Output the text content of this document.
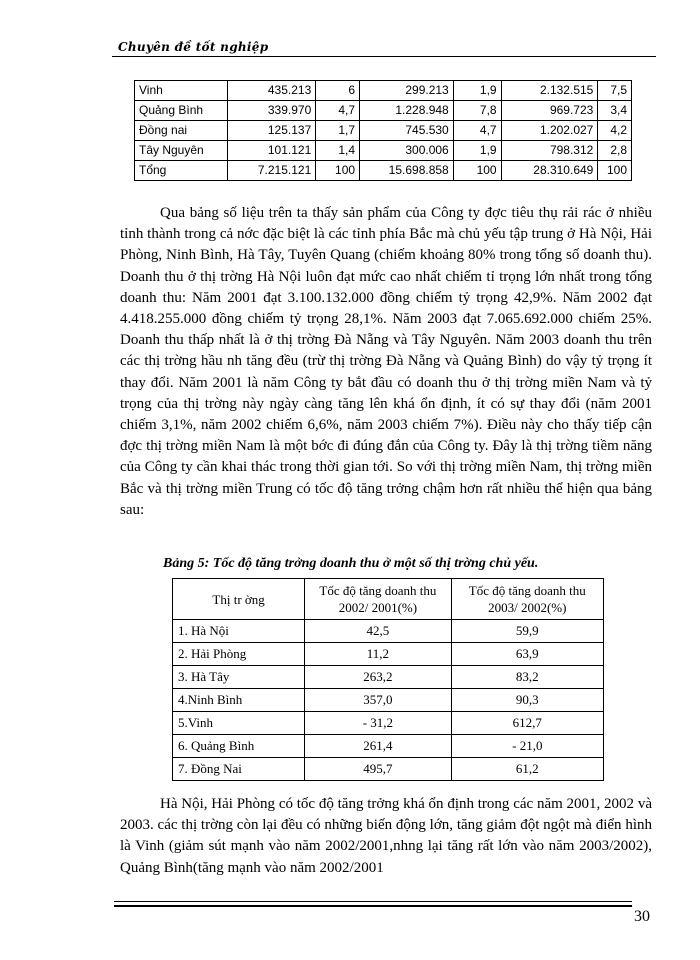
Chuyên đề tốt nghiệp
Vinh	435.213	6	299.213	1,9	2.132.515	7,5
Quảng Bình	339.970	4,7	1.228.948	7,8	969.723	3,4
Đồng nai	125.137	1,7	745.530	4,7	1.202.027	4,2
Tây Nguyên	101.121	1,4	300.006	1,9	798.312	2,8
Tổng	7.215.121	100	15.698.858	100	28.310.649	100

Qua bảng số liệu trên ta thấy sản phẩm của Công ty đợc tiêu thụ rải rác ở nhiều tỉnh thành trong cả nớc đặc biệt là các tỉnh phía Bắc mà chủ yếu tập trung ở Hà Nội, Hải Phòng, Ninh Bình, Hà Tây, Tuyên Quang (chiếm khoảng 80% trong tổng số doanh thu). Doanh thu ở thị trờng Hà Nội luôn đạt mức cao nhất chiếm tỉ trọng lớn nhất trong tổng doanh thu: Năm 2001 đạt 3.100.132.000 đồng chiếm tỷ trọng 42,9%. Năm 2002 đạt 4.418.255.000 đồng chiếm tỷ trọng 28,1%. Năm 2003 đạt 7.065.692.000 chiếm 25%. Doanh thu thấp nhất là ở thị trờng Đà Nẵng và Tây Nguyên. Năm 2003 doanh thu trên các thị trờng hầu nh tăng đều (trừ thị trờng Đà Nẵng và Quảng Bình) do vậy tỷ trọng ít thay đổi. Năm 2001 là năm Công ty bắt đầu có doanh thu ở thị trờng miền Nam và tỷ trọng của thị trờng này ngày càng tăng lên khá ổn định, ít có sự thay đổi (năm 2001 chiếm 3,1%, năm 2002 chiếm 6,6%, năm 2003 chiếm 7%). Điều này cho thấy tiếp cận đợc thị trờng miền Nam là một bớc đi đúng đắn của Công ty. Đây là thị trờng tiềm năng của Công ty cần khai thác trong thời gian tới. So với thị trờng miền Nam, thị trờng miền Bắc và thị trờng miền Trung có tốc độ tăng trởng chậm hơn rất nhiều thể hiện qua bảng sau:

Bảng 5: Tốc độ tăng trởng doanh thu ở một số thị trờng chủ yếu.
Thị tr ờng	Tốc độ tăng doanh thu 2002/ 2001(%)	Tốc độ tăng doanh thu 2003/ 2002(%)
1. Hà Nội	42,5	59,9
2. Hải Phòng	11,2	63,9
3. Hà Tây	263,2	83,2
4.Ninh Bình	357,0	90,3
5.Vinh	- 31,2	612,7
6. Quảng Bình	261,4	- 21,0
7. Đồng Nai	495,7	61,2

Hà Nội, Hải Phòng có tốc độ tăng trởng khá ổn định trong các năm 2001, 2002 và 2003. các thị trờng còn lại đều có những biến động lớn, tăng giảm đột ngột mà điển hình là Vinh (giảm sút mạnh vào năm 2002/2001,nhng lại tăng rất lớn vào năm 2003/2002), Quảng Bình(tăng mạnh vào năm 2002/2001

30
